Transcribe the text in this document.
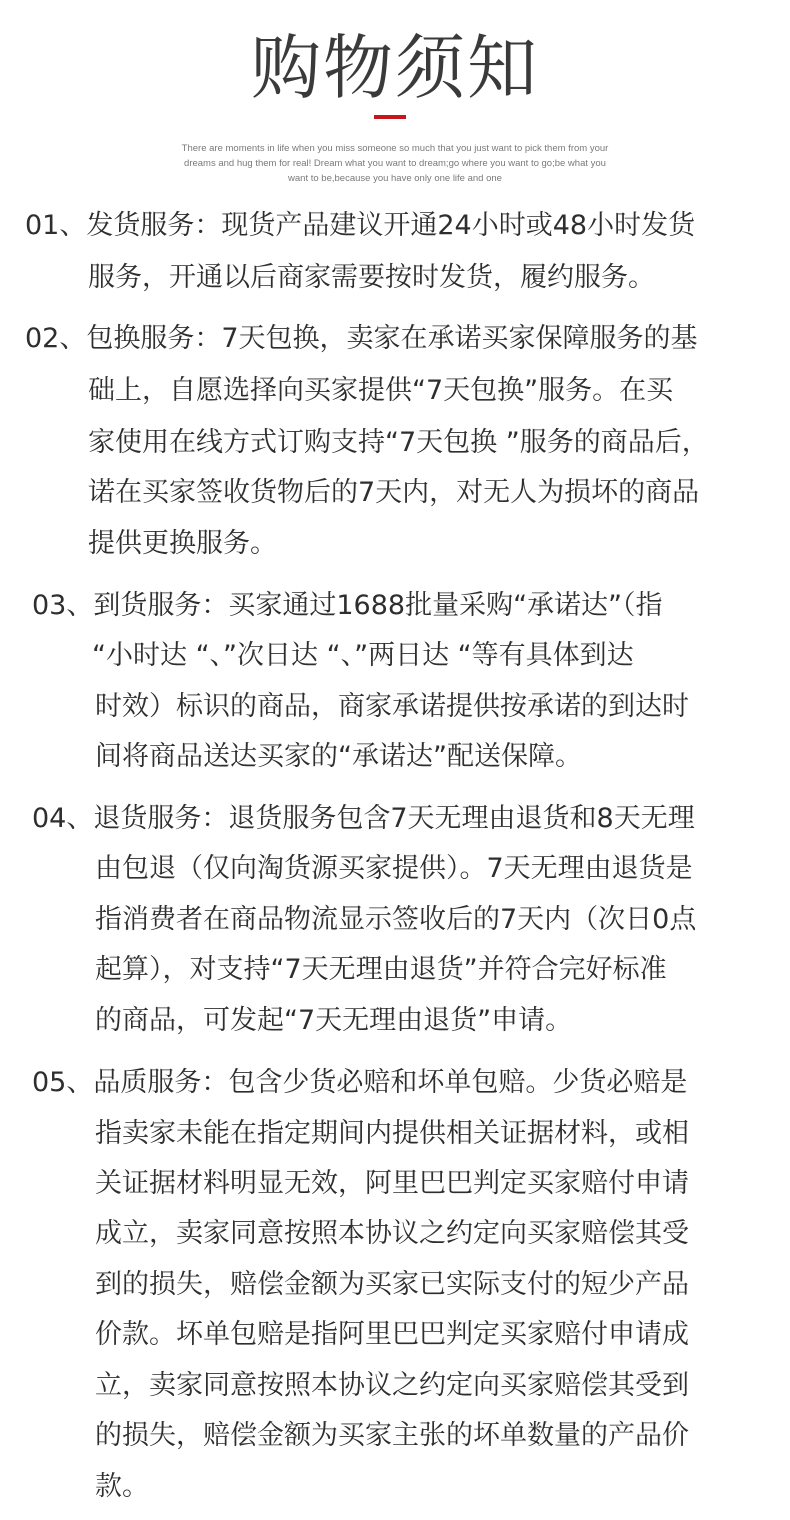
购物须知
There are moments in life when you miss someone so much that you just want to pick them from your
dreams and hug them for real! Dream what you want to dream;go where you want to go;be what you
want to be,because you have only one life and one
01、发货服务：现货产品建议开通24小时或48小时发货
服务，开通以后商家需要按时发货，履约服务。
02、包换服务：7天包换，卖家在承诺买家保障服务的基
础上，自愿选择向买家提供“7天包换”服务。在买
家使用在线方式订购支持“7天包换 ”服务的商品后，
诺在买家签收货物后的7天内，对无人为损坏的商品
提供更换服务。
03、到货服务：买家通过1688批量采购“承诺达”（指
“小时达 “、”次日达 “、”两日达 “等有具体到达
时效）标识的商品，商家承诺提供按承诺的到达时
间将商品送达买家的“承诺达”配送保障。
04、退货服务：退货服务包含7天无理由退货和8天无理
由包退（仅向淘货源买家提供）。7天无理由退货是
指消费者在商品物流显示签收后的7天内（次日0点
起算），对支持“7天无理由退货”并符合完好标准
的商品，可发起“7天无理由退货”申请。
05、品质服务：包含少货必赔和坏单包赔。少货必赔是
指卖家未能在指定期间内提供相关证据材料，或相
关证据材料明显无效，阿里巴巴判定买家赔付申请
成立，卖家同意按照本协议之约定向买家赔偿其受
到的损失，赔偿金额为买家已实际支付的短少产品
价款。坏单包赔是指阿里巴巴判定买家赔付申请成
立，卖家同意按照本协议之约定向买家赔偿其受到
的损失，赔偿金额为买家主张的坏单数量的产品价
款。
